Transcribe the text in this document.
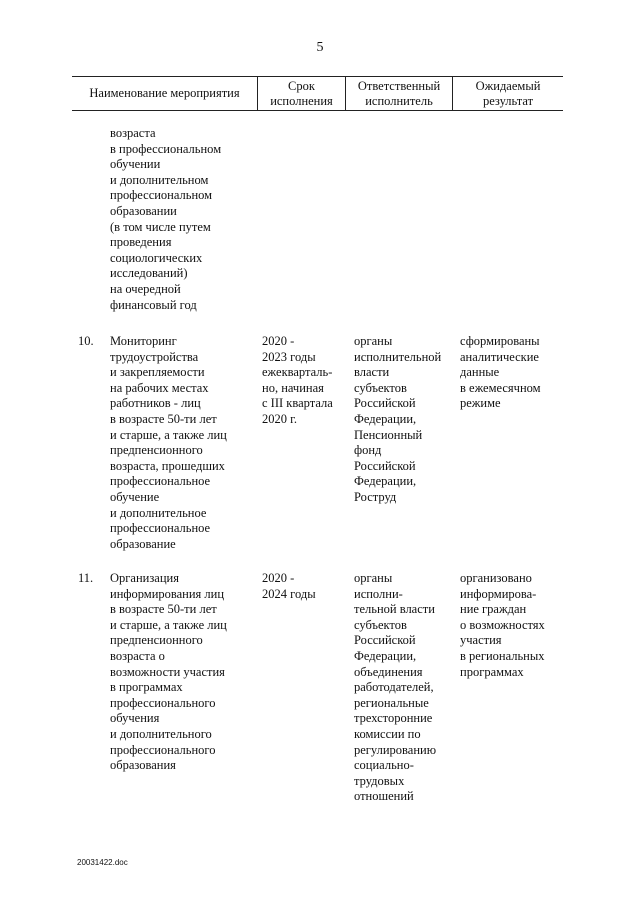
5
Наименование мероприятия
Срок
исполнения
Ответственный
исполнитель
Ожидаемый
результат
возраста
в профессиональном
обучении
и дополнительном
профессиональном
образовании
(в том числе путем
проведения
социологических
исследований)
на очередной
финансовый год
10. Мониторинг
трудоустройства
и закрепляемости
на рабочих местах
работников - лиц
в возрасте 50-ти лет
и старше, а также лиц
предпенсионного
возраста, прошедших
профессиональное
обучение
и дополнительное
профессиональное
образование
2020 -
2023 годы
ежекварталь-
но, начиная
с III квартала
2020 г.
органы
исполнительной
власти
субъектов
Российской
Федерации,
Пенсионный
фонд
Российской
Федерации,
Роструд
сформированы
аналитические
данные
в ежемесячном
режиме
11. Организация
информирования лиц
в возрасте 50-ти лет
и старше, а также лиц
предпенсионного
возраста о
возможности участия
в программах
профессионального
обучения
и дополнительного
профессионального
образования
2020 -
2024 годы
органы
исполни-
тельной власти
субъектов
Российской
Федерации,
объединения
работодателей,
региональные
трехсторонние
комиссии по
регулированию
социально-
трудовых
отношений
организовано
информирова-
ние граждан
о возможностях
участия
в региональных
программах
20031422.doc
